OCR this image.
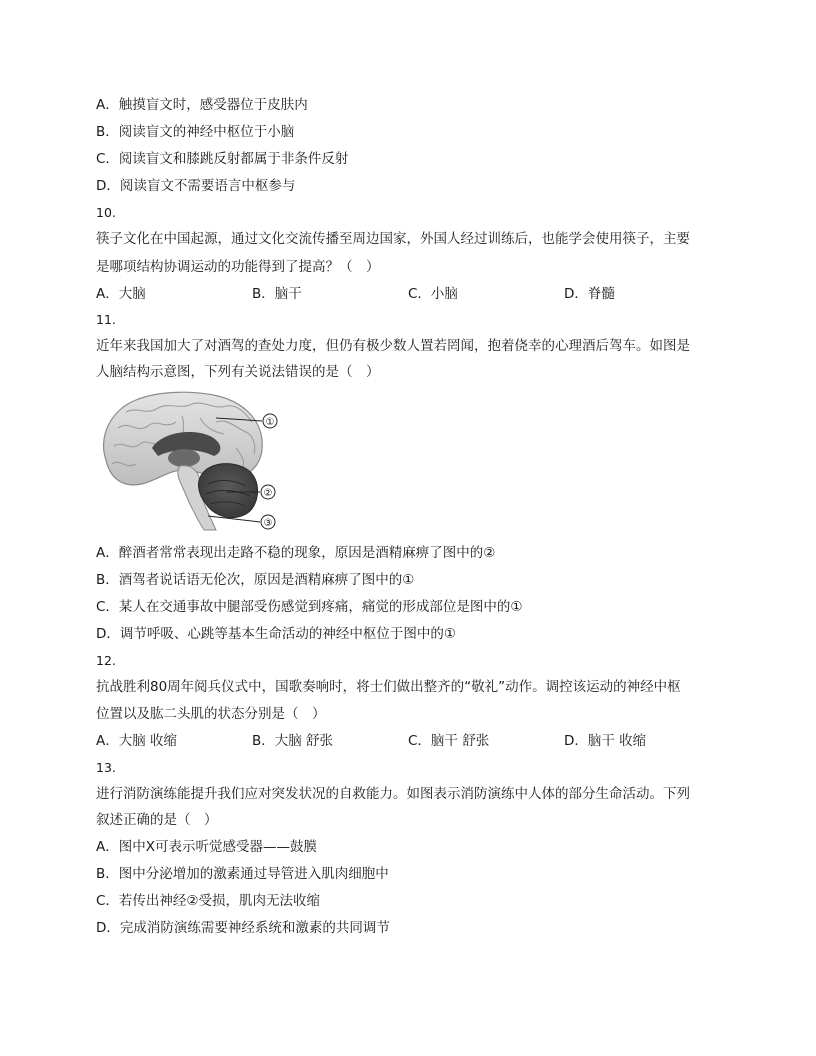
A．触摸盲文时，感受器位于皮肤内
B．阅读盲文的神经中枢位于小脑
C．阅读盲文和膝跳反射都属于非条件反射
D．阅读盲文不需要语言中枢参与
10.
筷子文化在中国起源，通过文化交流传播至周边国家，外国人经过训练后，也能学会使用筷子，主要
是哪项结构协调运动的功能得到了提高？（　）
A．大脑	B．脑干	C．小脑	D．脊髓
11.
近年来我国加大了对酒驾的查处力度，但仍有极少数人置若罔闻，抱着侥幸的心理酒后驾车。如图是
人脑结构示意图，下列有关说法错误的是（　）
①
②
③
A．醉酒者常常表现出走路不稳的现象，原因是酒精麻痹了图中的②
B．酒驾者说话语无伦次，原因是酒精麻痹了图中的①
C．某人在交通事故中腿部受伤感觉到疼痛，痛觉的形成部位是图中的①
D．调节呼吸、心跳等基本生命活动的神经中枢位于图中的①
12.
抗战胜利80周年阅兵仪式中，国歌奏响时，将士们做出整齐的“敬礼”动作。调控该运动的神经中枢
位置以及肱二头肌的状态分别是（　）
A．大脑 收缩	B．大脑 舒张	C．脑干 舒张	D．脑干 收缩
13.
进行消防演练能提升我们应对突发状况的自救能力。如图表示消防演练中人体的部分生命活动。下列
叙述正确的是（　）
A．图中X可表示听觉感受器——鼓膜
B．图中分泌增加的激素通过导管进入肌肉细胞中
C．若传出神经②受损，肌肉无法收缩
D．完成消防演练需要神经系统和激素的共同调节
